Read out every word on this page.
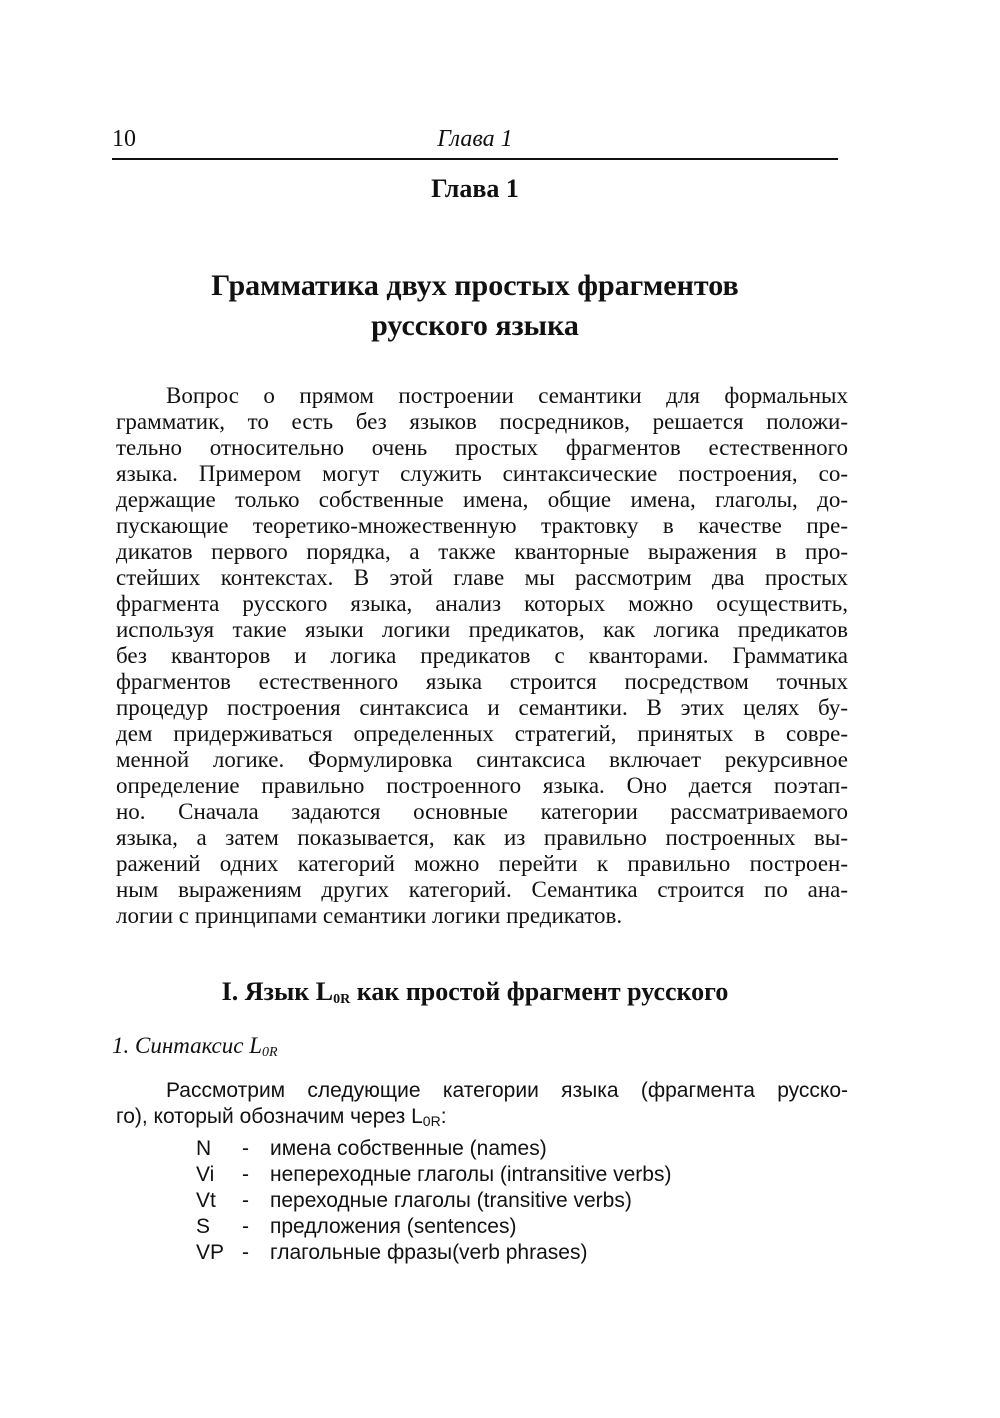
10	Глава 1
Глава 1
Грамматика двух простых фрагментов
русского языка
Вопрос о прямом построении семантики для формальных
грамматик, то есть без языков посредников, решается положи-
тельно относительно очень простых фрагментов естественного
языка. Примером могут служить синтаксические построения, со-
держащие только собственные имена, общие имена, глаголы, до-
пускающие теоретико-множественную трактовку в качестве пре-
дикатов первого порядка, а также кванторные выражения в про-
стейших контекстах. В этой главе мы рассмотрим два простых
фрагмента русского языка, анализ которых можно осуществить,
используя такие языки логики предикатов, как логика предикатов
без кванторов и логика предикатов с кванторами. Грамматика
фрагментов естественного языка строится посредством точных
процедур построения синтаксиса и семантики. В этих целях бу-
дем придерживаться определенных стратегий, принятых в совре-
менной логике. Формулировка синтаксиса включает рекурсивное
определение правильно построенного языка. Оно дается поэтап-
но. Сначала задаются основные категории рассматриваемого
языка, а затем показывается, как из правильно построенных вы-
ражений одних категорий можно перейти к правильно построен-
ным выражениям других категорий. Семантика строится по ана-
логии с принципами семантики логики предикатов.
I. Язык $L_{0R}$ как простой фрагмент русского
1. Синтаксис $L_{0R}$
Рассмотрим следующие категории языка (фрагмента русско-
го), который обозначим через $L_{0R}$:
N - имена собственные (names)
Vi - непереходные глаголы (intransitive verbs)
Vt - переходные глаголы (transitive verbs)
S - предложения (sentences)
VP - глагольные фразы(verb phrases)
